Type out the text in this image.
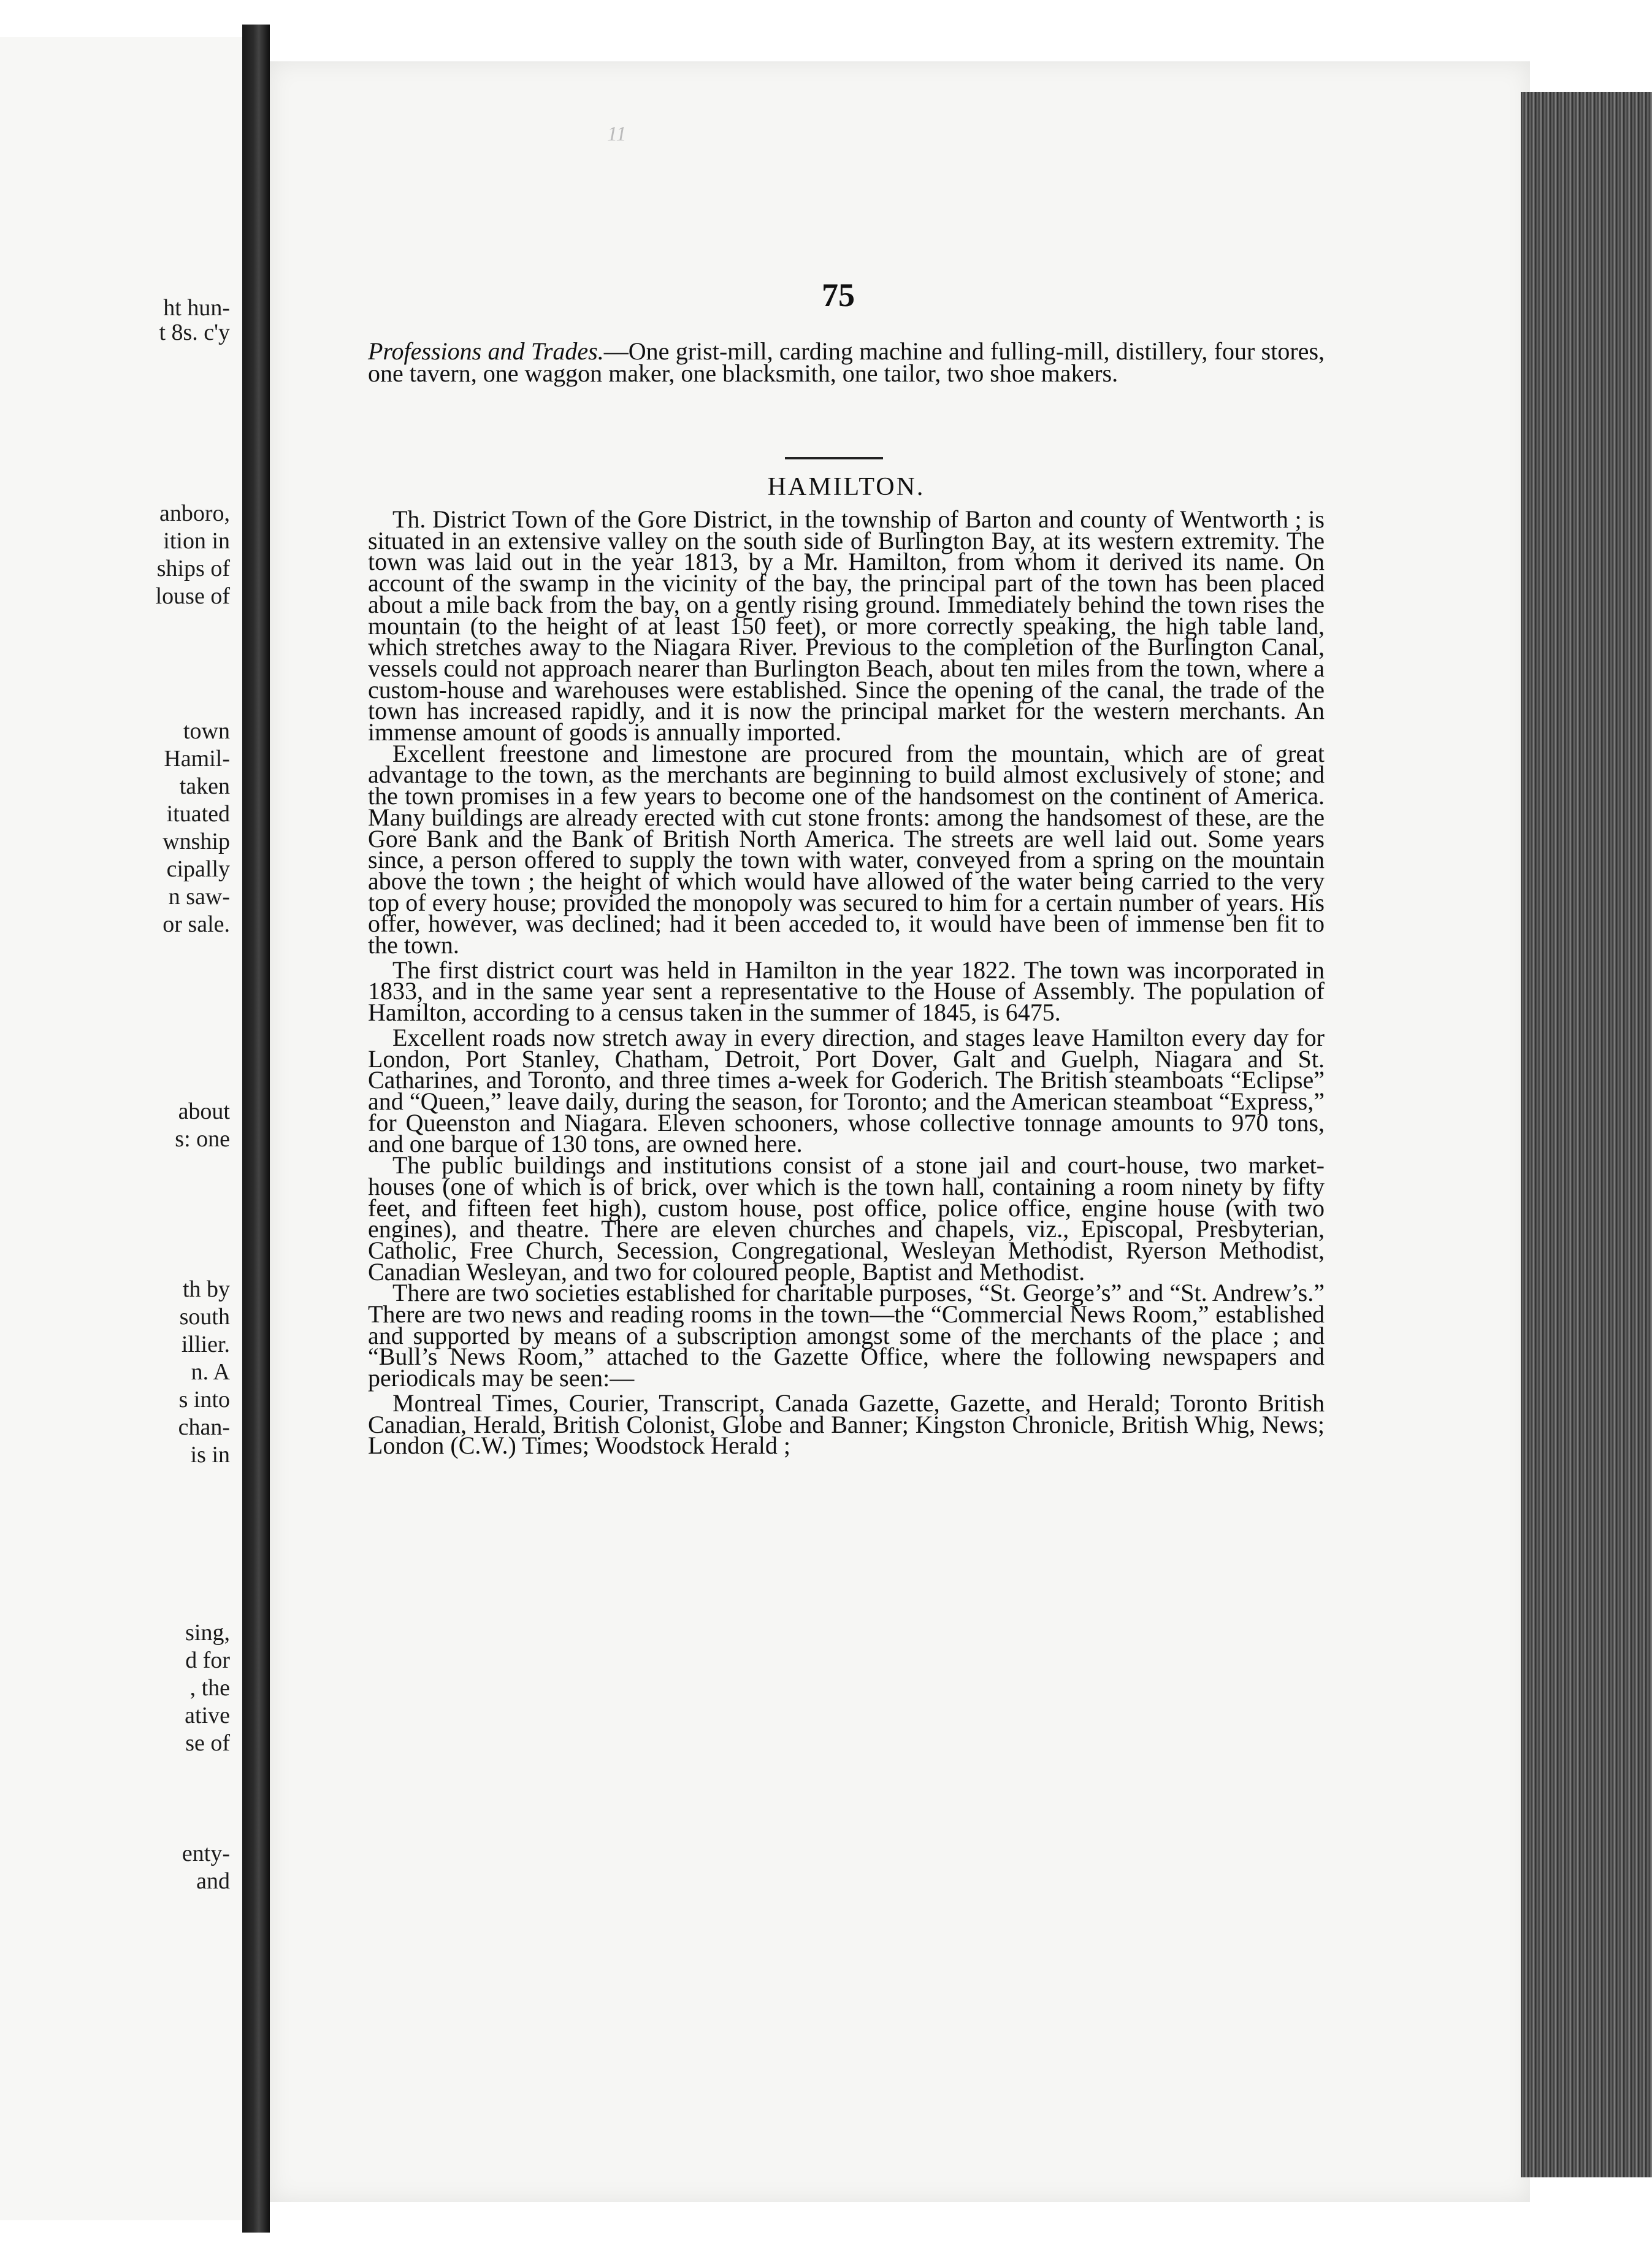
ht hun-
t 8s. c'y
anboro,
ition in
ships of
louse of
town
Hamil-
taken
ituated
wnship
cipally
n saw-
or sale.
about
s: one
th by
south
illier.
n. A
s into
chan-
is in
sing,
d for
, the
ative
se of
enty-
and
11
75
Professions and Trades.—One grist-mill, carding machine and fulling-mill, distillery, four stores, one tavern, one waggon maker, one blacksmith, one tailor, two shoe makers.
HAMILTON.

Th. District Town of the Gore District, in the township of Barton and county of Wentworth ; is situated in an extensive valley on the south side of Burlington Bay, at its western extremity. The town was laid out in the year 1813, by a Mr. Hamilton, from whom it derived its name. On account of the swamp in the vicinity of the bay, the principal part of the town has been placed about a mile back from the bay, on a gently rising ground. Immediately behind the town rises the mountain (to the height of at least 150 feet), or more correctly speaking, the high table land, which stretches away to the Niagara River. Previous to the completion of the Burlington Canal, vessels could not approach nearer than Burlington Beach, about ten miles from the town, where a custom-house and warehouses were established. Since the opening of the canal, the trade of the town has increased rapidly, and it is now the principal market for the western merchants. An immense amount of goods is annually imported.

Excellent freestone and limestone are procured from the mountain, which are of great advantage to the town, as the merchants are beginning to build almost exclusively of stone; and the town promises in a few years to become one of the handsomest on the continent of America. Many buildings are already erected with cut stone fronts: among the handsomest of these, are the Gore Bank and the Bank of British North America. The streets are well laid out. Some years since, a person offered to supply the town with water, conveyed from a spring on the mountain above the town ; the height of which would have allowed of the water being carried to the very top of every house; provided the monopoly was secured to him for a certain number of years. His offer, however, was declined; had it been acceded to, it would have been of immense ben fit to the town.

The first district court was held in Hamilton in the year 1822. The town was incorporated in 1833, and in the same year sent a representative to the House of Assembly. The population of Hamilton, according to a census taken in the summer of 1845, is 6475.

Excellent roads now stretch away in every direction, and stages leave Hamilton every day for London, Port Stanley, Chatham, Detroit, Port Dover, Galt and Guelph, Niagara and St. Catharines, and Toronto, and three times a-week for Goderich. The British steamboats “Eclipse” and “Queen,” leave daily, during the season, for Toronto; and the American steamboat “Express,” for Queenston and Niagara. Eleven schooners, whose collective tonnage amounts to 970 tons, and one barque of 130 tons, are owned here.

The public buildings and institutions consist of a stone jail and court-house, two market-houses (one of which is of brick, over which is the town hall, containing a room ninety by fifty feet, and fifteen feet high), custom house, post office, police office, engine house (with two engines), and theatre. There are eleven churches and chapels, viz., Episcopal, Presbyterian, Catholic, Free Church, Secession, Congregational, Wesleyan Methodist, Ryerson Methodist, Canadian Wesleyan, and two for coloured people, Baptist and Methodist.

There are two societies established for charitable purposes, “St. George’s” and “St. Andrew’s.” There are two news and reading rooms in the town—the “Commercial News Room,” established and supported by means of a subscription amongst some of the merchants of the place ; and “Bull’s News Room,” attached to the Gazette Office, where the following newspapers and periodicals may be seen:—

Montreal Times, Courier, Transcript, Canada Gazette, Gazette, and Herald; Toronto British Canadian, Herald, British Colonist, Globe and Banner; Kingston Chronicle, British Whig, News; London (C.W.) Times; Woodstock Herald ;
